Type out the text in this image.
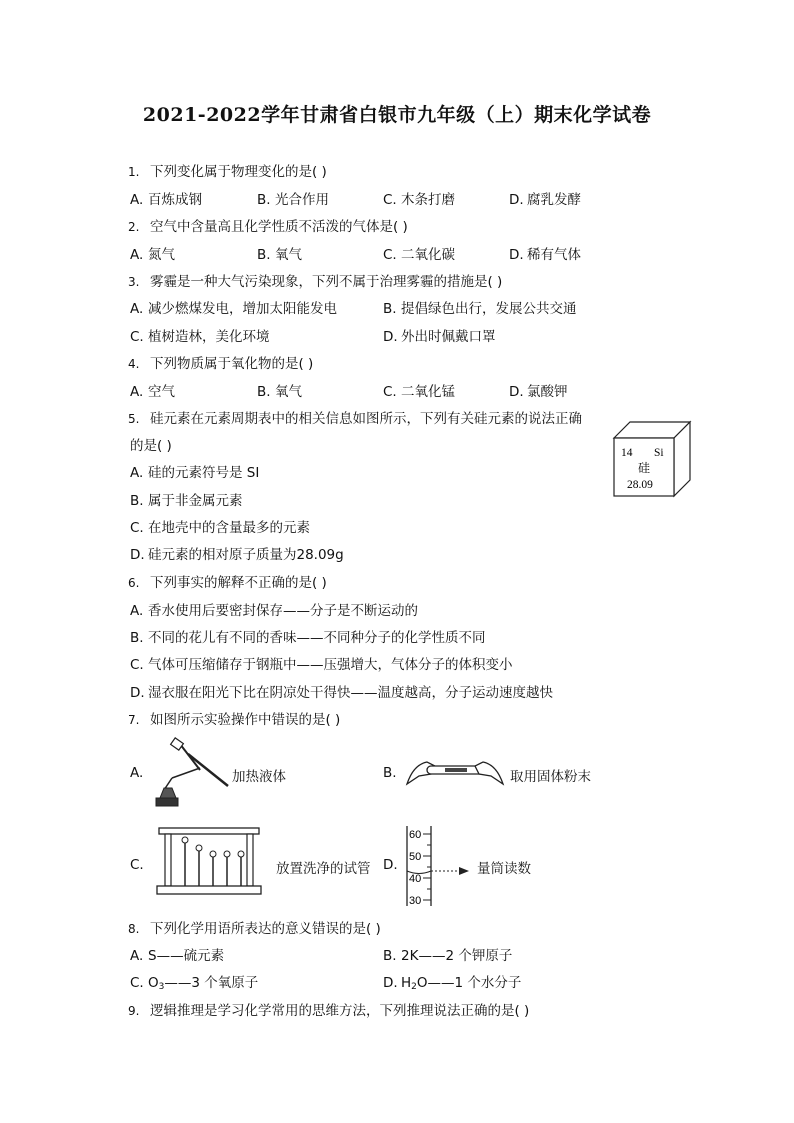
2021-2022学年甘肃省白银市九年级（上）期末化学试卷
1. 下列变化属于物理变化的是( )
A. 百炼成钢	B. 光合作用	C. 木条打磨	D. 腐乳发酵
2. 空气中含量高且化学性质不活泼的气体是( )
A. 氮气	B. 氧气	C. 二氧化碳	D. 稀有气体
3. 雾霾是一种大气污染现象，下列不属于治理雾霾的措施是( )
A. 减少燃煤发电，增加太阳能发电	B. 提倡绿色出行，发展公共交通
C. 植树造林，美化环境	D. 外出时佩戴口罩
4. 下列物质属于氧化物的是( )
A. 空气	B. 氧气	C. 二氧化锰	D. 氯酸钾
5. 硅元素在元素周期表中的相关信息如图所示，下列有关硅元素的说法正确
的是( )
A. 硅的元素符号是 SI
B. 属于非金属元素
C. 在地壳中的含量最多的元素
D. 硅元素的相对原子质量为28.09g
14 Si
硅
28.09
6. 下列事实的解释不正确的是( )
A. 香水使用后要密封保存——分子是不断运动的
B. 不同的花儿有不同的香味——不同种分子的化学性质不同
C. 气体可压缩储存于钢瓶中——压强增大，气体分子的体积变小
D. 湿衣服在阳光下比在阴凉处干得快——温度越高，分子运动速度越快
7. 如图所示实验操作中错误的是( )
A.	加热液体	B.	取用固体粉末
C.	放置洗净的试管 D.
60
50
40
30
量筒读数
8. 下列化学用语所表达的意义错误的是( )
A. S——硫元素	B. 2K——2 个钾原子
C. $O_3——3$ 个氧原子	D. $H_2O——1$ 个水分子
9. 逻辑推理是学习化学常用的思维方法，下列推理说法正确的是( )
